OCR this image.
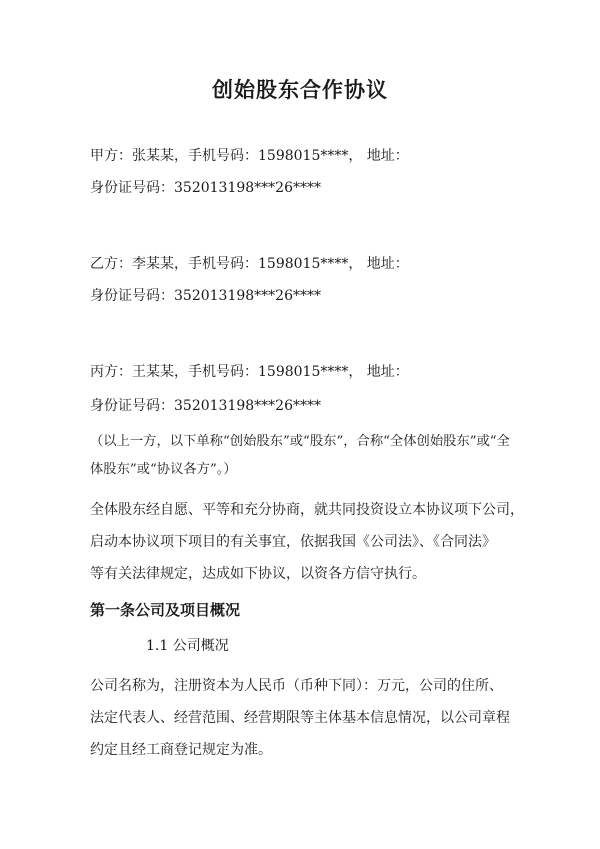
创始股东合作协议
甲方：张某某，手机号码：1598015****， 地址：
身份证号码：352013198***26****
乙方：李某某，手机号码：1598015****， 地址：
身份证号码：352013198***26****
丙方：王某某，手机号码：1598015****， 地址：
身份证号码：352013198***26****
（以上一方，以下单称“创始股东”或“股东”，合称“全体创始股东”或“全
体股东”或“协议各方”。）
全体股东经自愿、平等和充分协商，就共同投资设立本协议项下公司，
启动本协议项下项目的有关事宜，依据我国《公司法》、《合同法》
等有关法律规定，达成如下协议，以资各方信守执行。
第一条公司及项目概况
1.1 公司概况
公司名称为，注册资本为人民币（币种下同）：万元，公司的住所、
法定代表人、经营范围、经营期限等主体基本信息情况，以公司章程
约定且经工商登记规定为准。
